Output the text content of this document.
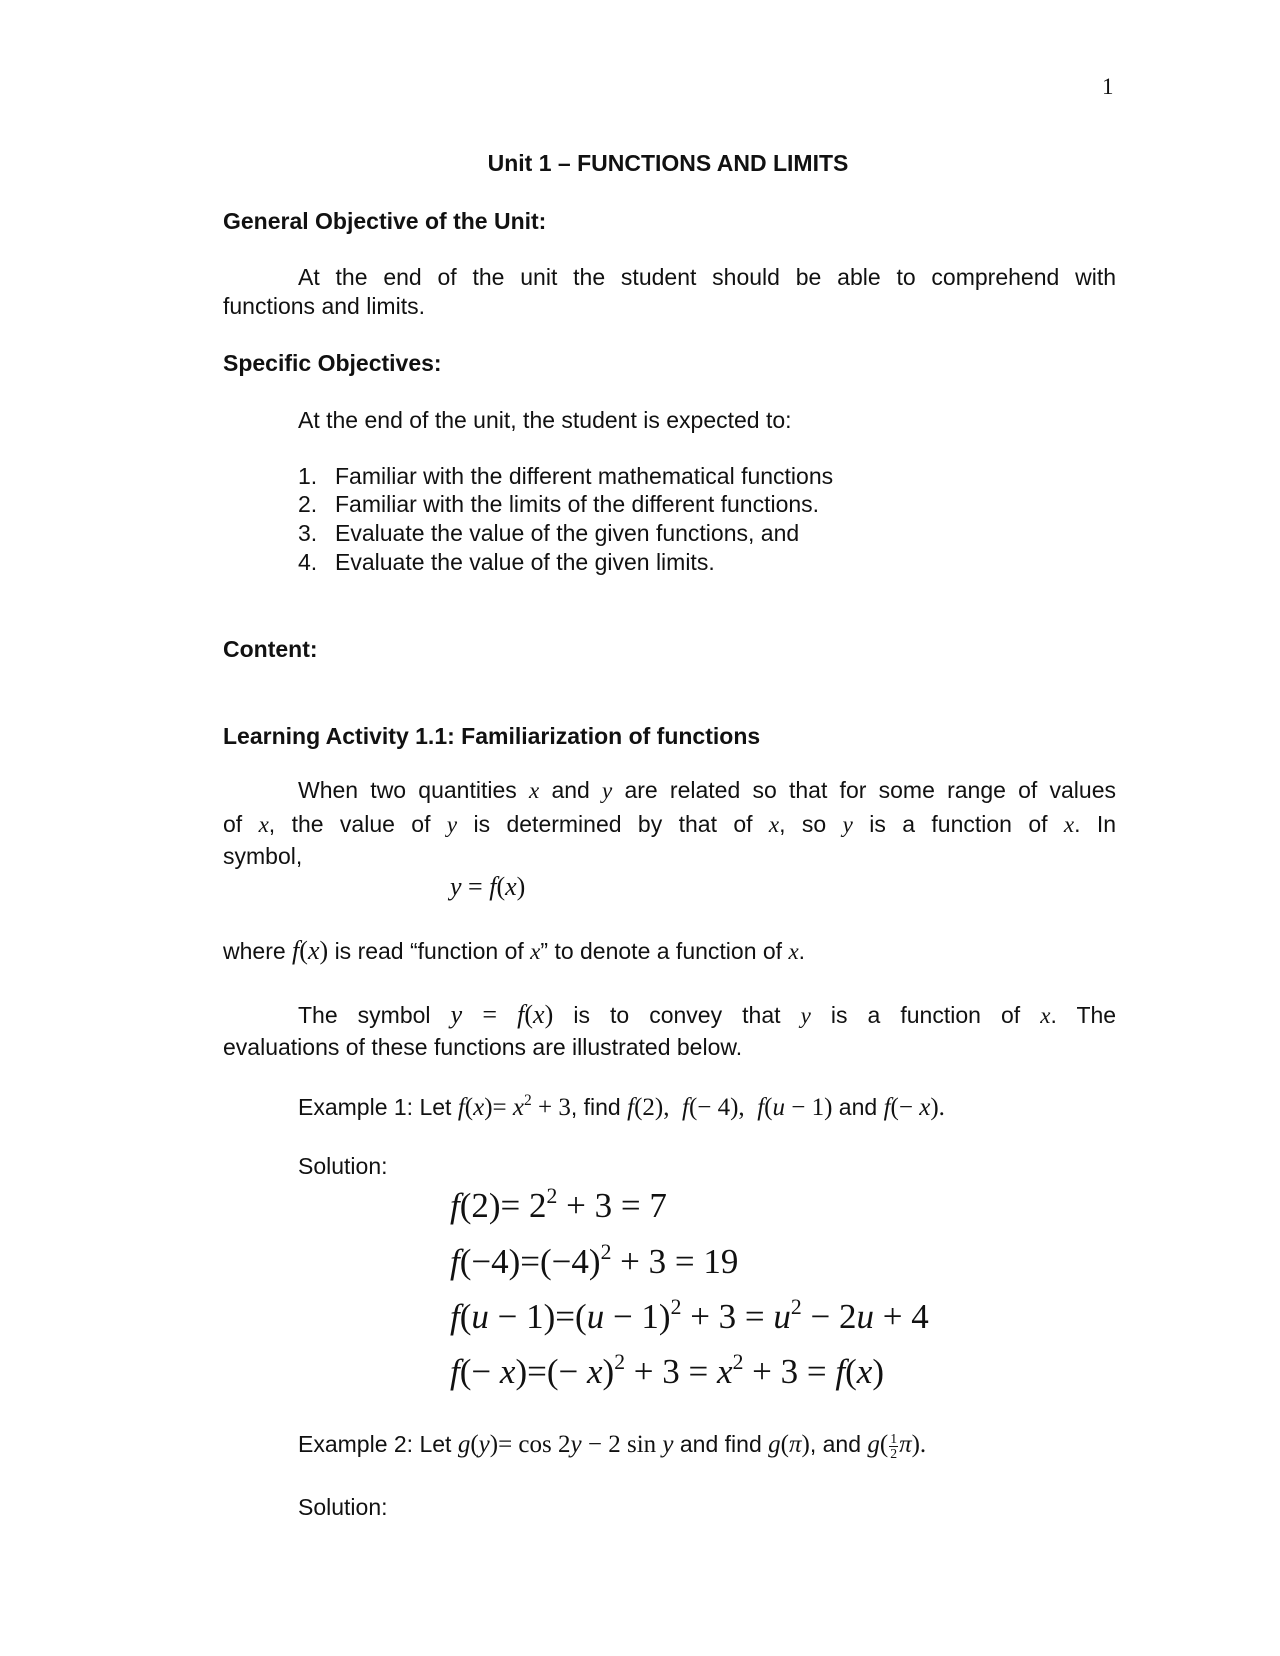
1
Unit 1 – FUNCTIONS AND LIMITS
General Objective of the Unit:
At the end of the unit the student should be able to comprehend with
functions and limits.
Specific Objectives:
At the end of the unit, the student is expected to:
1. Familiar with the different mathematical functions
2. Familiar with the limits of the different functions.
3. Evaluate the value of the given functions, and
4. Evaluate the value of the given limits.
Content:
Learning Activity 1.1: Familiarization of functions
When two quantities x and y are related so that for some range of values
of x, the value of y is determined by that of x, so y is a function of x. In
symbol,
y = f(x)
where f(x) is read “function of x” to denote a function of x.
The symbol y = f(x) is to convey that y is a function of x. The
evaluations of these functions are illustrated below.
Example 1: Let $f(x)= x^2 + 3$, find f(2),  f(− 4),  f(u − 1) and f(− x).
Solution:
$f(2)= 2^2 + 3 = 7$
$f(-4)=(-4)^2 + 3 = 19$
$f(u - 1)=(u - 1)^2 + 3 = u^2 - 2u + 4$
$f(- x)=(- x)^2 + 3 = x^2 + 3 = f(x)$
Example 2: Let g(y)= cos 2y − 2 sin y and find g(π), and $g( \frac{1}{2} \pi)$.
Solution:
